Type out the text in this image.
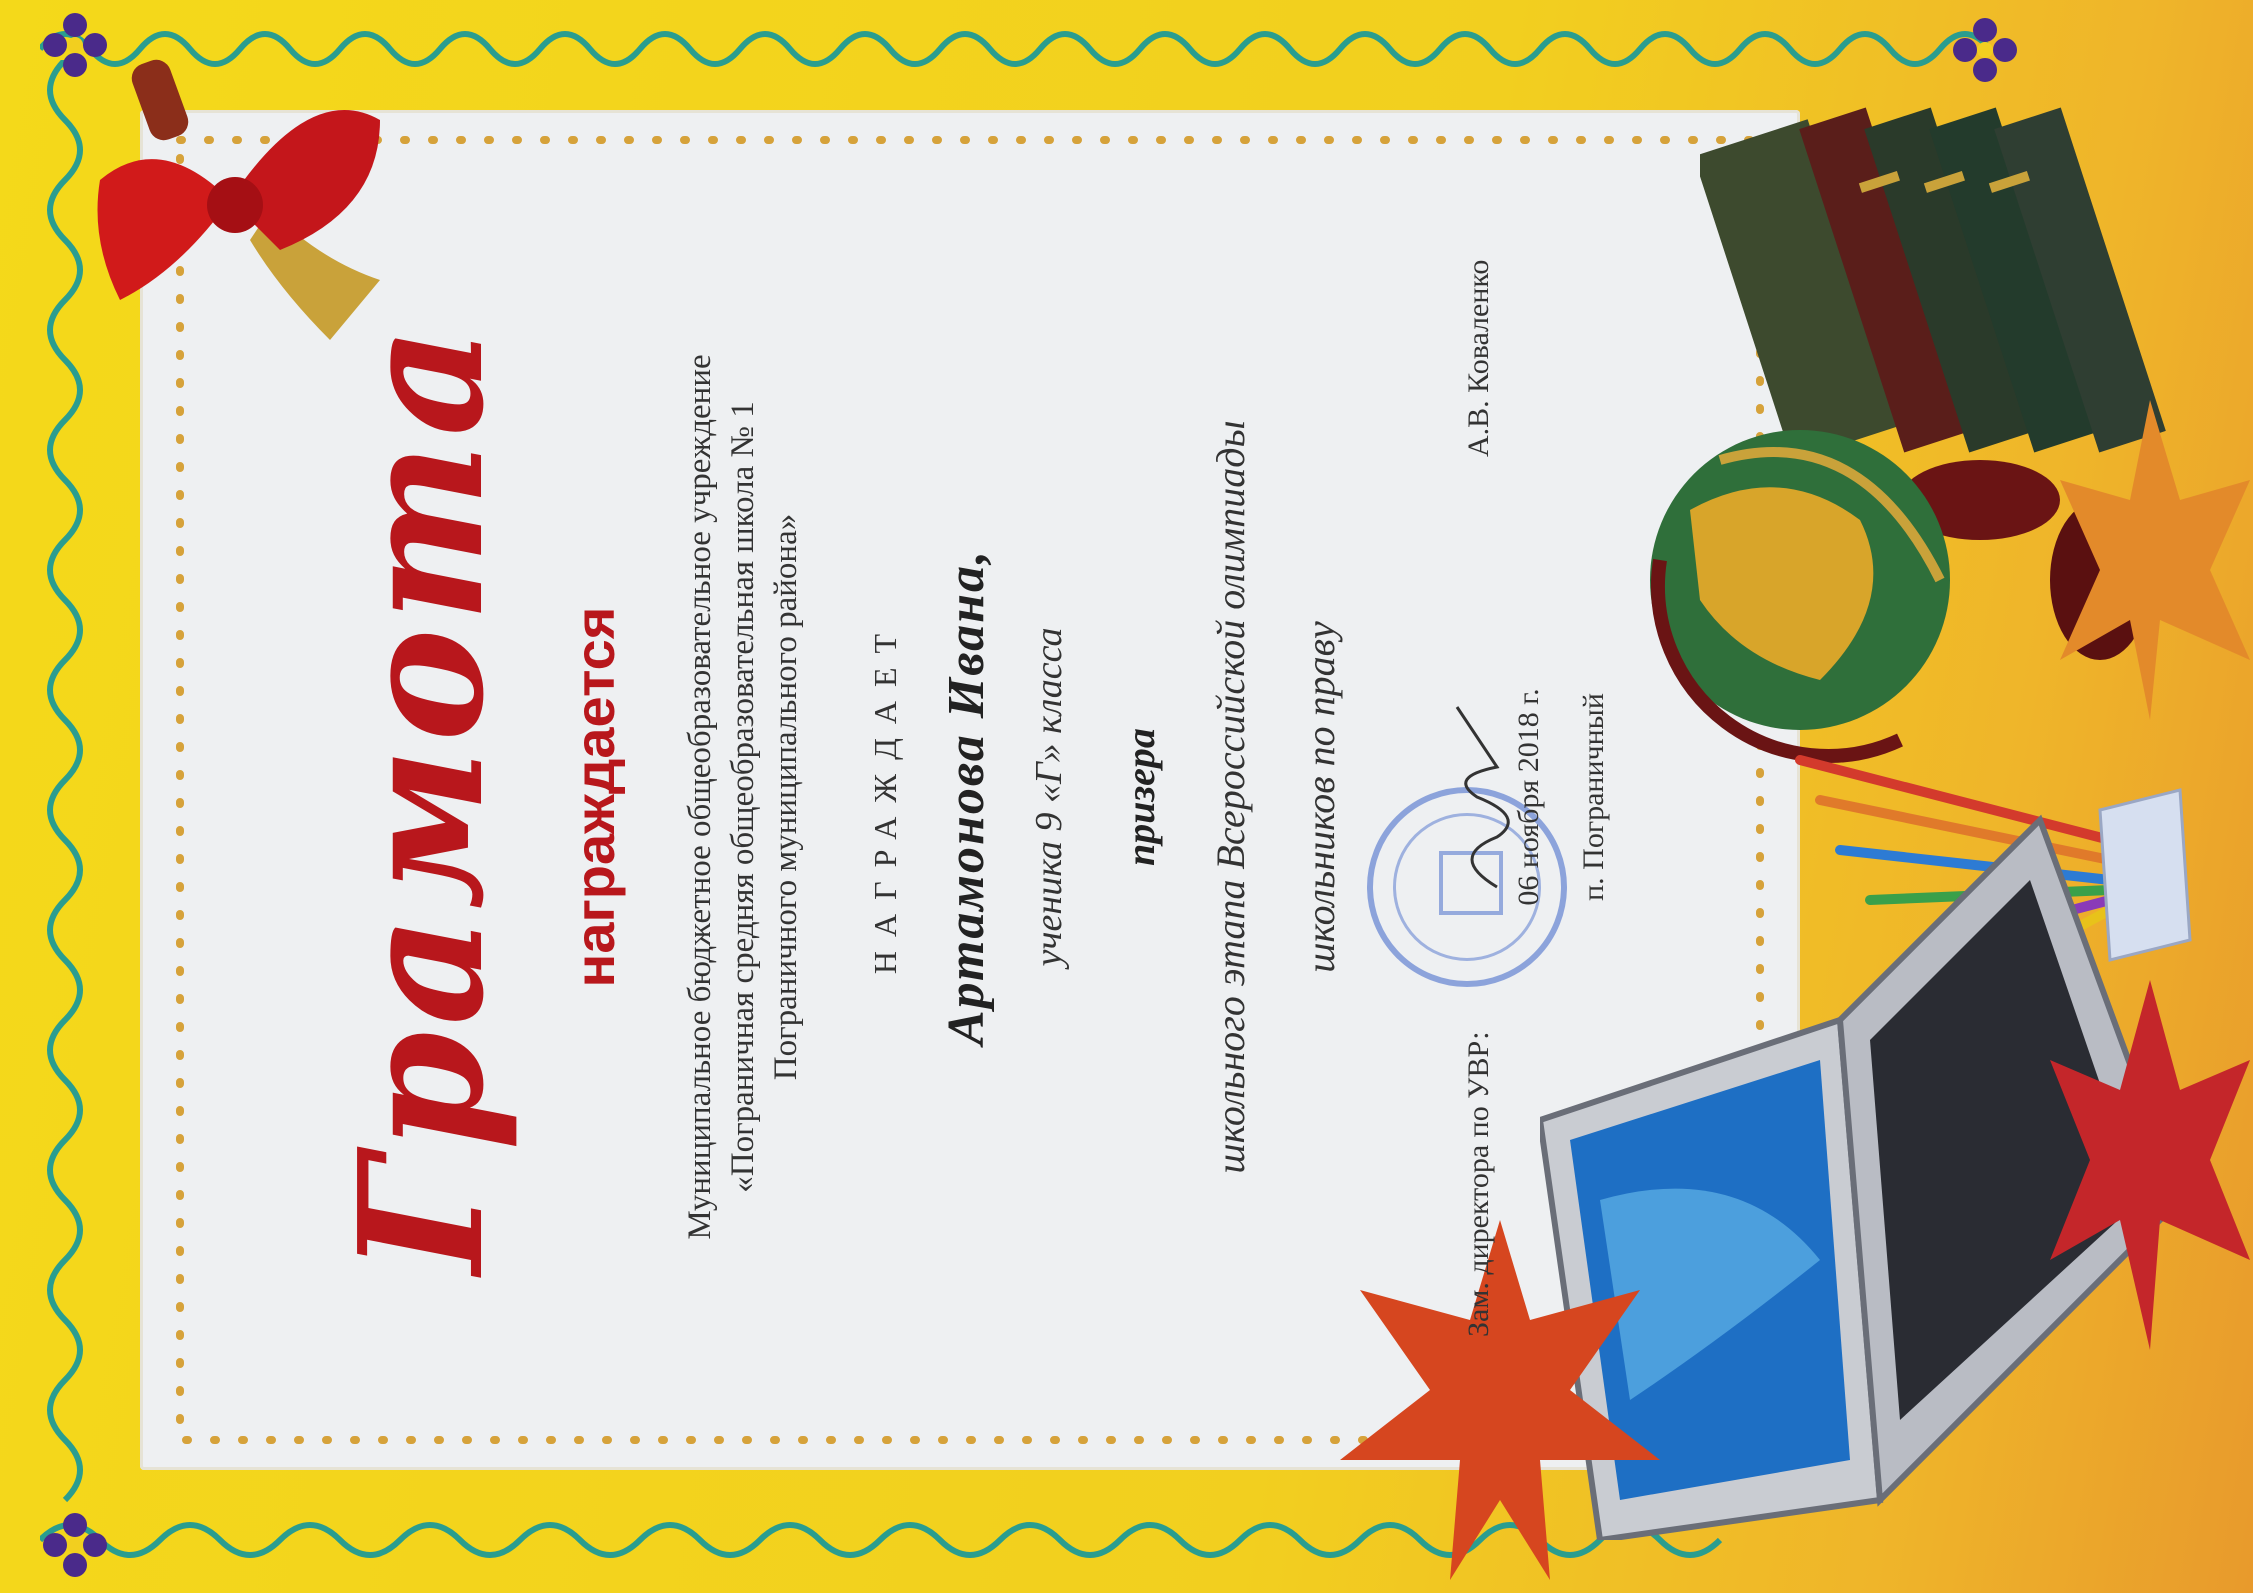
Грамота награждается Муниципальное бюджетное общеобразовательное учреждение «Пограничная средняя общеобразовательная школа № 1 Пограничного муниципального района» НАГРАЖДАЕТ Артамонова Ивана, ученика 9 «Г» класса призера школьного этапа Всероссийской олимпиады школьников по праву
Зам. директора по УВР:
А.В. Коваленко
06 ноября 2018 г. п. Пограничный
